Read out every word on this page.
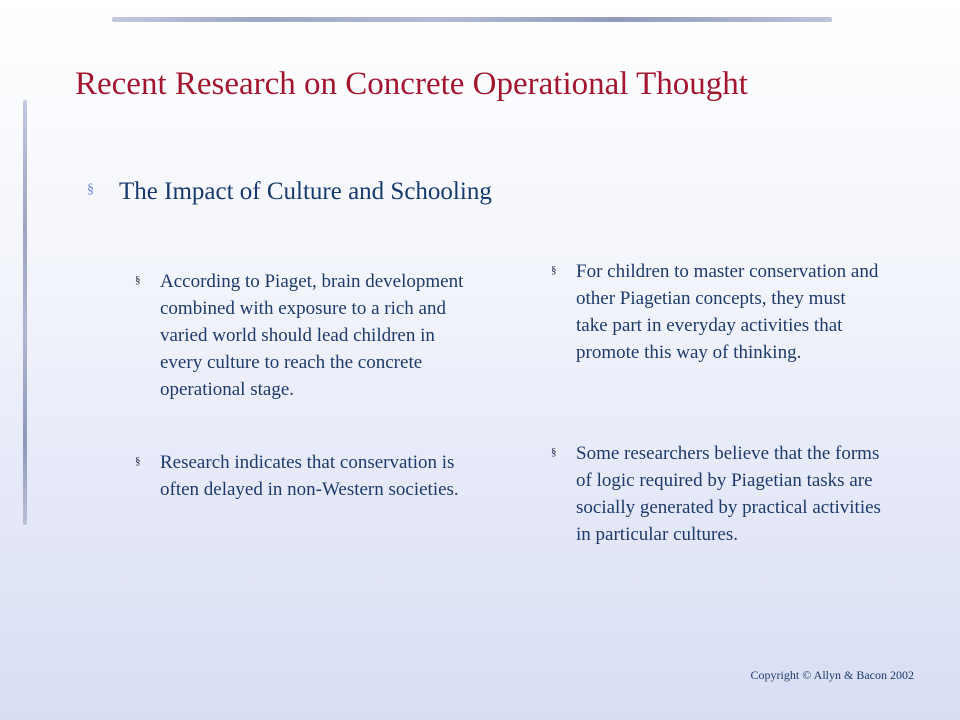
Recent Research on Concrete Operational Thought
§ The Impact of Culture and Schooling
§ According to Piaget, brain development combined with exposure to a rich and varied world should lead children in every culture to reach the concrete operational stage.
§ Research indicates that conservation is often delayed in non-Western societies.
§ For children to master conservation and other Piagetian concepts, they must take part in everyday activities that promote this way of thinking.
§ Some researchers believe that the forms of logic required by Piagetian tasks are socially generated by practical activities in particular cultures.
Copyright © Allyn & Bacon 2002
